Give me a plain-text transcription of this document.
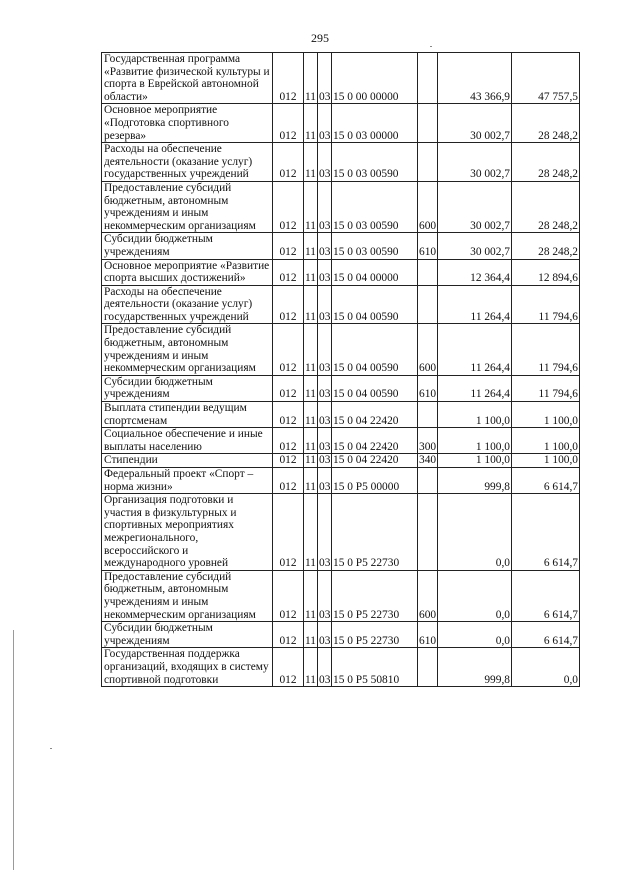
295
Государственная программа «Развитие физической культуры и спорта в Еврейской автономной области»	012	11	03	15 0 00 00000		43 366,9	47 757,5
Основное мероприятие «Подготовка спортивного резерва»	012	11	03	15 0 03 00000		30 002,7	28 248,2
Расходы на обеспечение деятельности (оказание услуг) государственных учреждений	012	11	03	15 0 03 00590		30 002,7	28 248,2
Предоставление субсидий бюджетным, автономным учреждениям и иным некоммерческим организациям	012	11	03	15 0 03 00590	600	30 002,7	28 248,2
Субсидии бюджетным учреждениям	012	11	03	15 0 03 00590	610	30 002,7	28 248,2
Основное мероприятие «Развитие спорта высших достижений»	012	11	03	15 0 04 00000		12 364,4	12 894,6
Расходы на обеспечение деятельности (оказание услуг) государственных учреждений	012	11	03	15 0 04 00590		11 264,4	11 794,6
Предоставление субсидий бюджетным, автономным учреждениям и иным некоммерческим организациям	012	11	03	15 0 04 00590	600	11 264,4	11 794,6
Субсидии бюджетным учреждениям	012	11	03	15 0 04 00590	610	11 264,4	11 794,6
Выплата стипендии ведущим спортсменам	012	11	03	15 0 04 22420		1 100,0	1 100,0
Социальное обеспечение и иные выплаты населению	012	11	03	15 0 04 22420	300	1 100,0	1 100,0
Стипендии	012	11	03	15 0 04 22420	340	1 100,0	1 100,0
Федеральный проект «Спорт – норма жизни»	012	11	03	15 0 P5 00000		999,8	6 614,7
Организация подготовки и участия в физкультурных и спортивных мероприятиях межрегионального, всероссийского и международного уровней	012	11	03	15 0 P5 22730		0,0	6 614,7
Предоставление субсидий бюджетным, автономным учреждениям и иным некоммерческим организациям	012	11	03	15 0 P5 22730	600	0,0	6 614,7
Субсидии бюджетным учреждениям	012	11	03	15 0 P5 22730	610	0,0	6 614,7
Государственная поддержка организаций, входящих в систему спортивной подготовки	012	11	03	15 0 P5 50810		999,8	0,0
